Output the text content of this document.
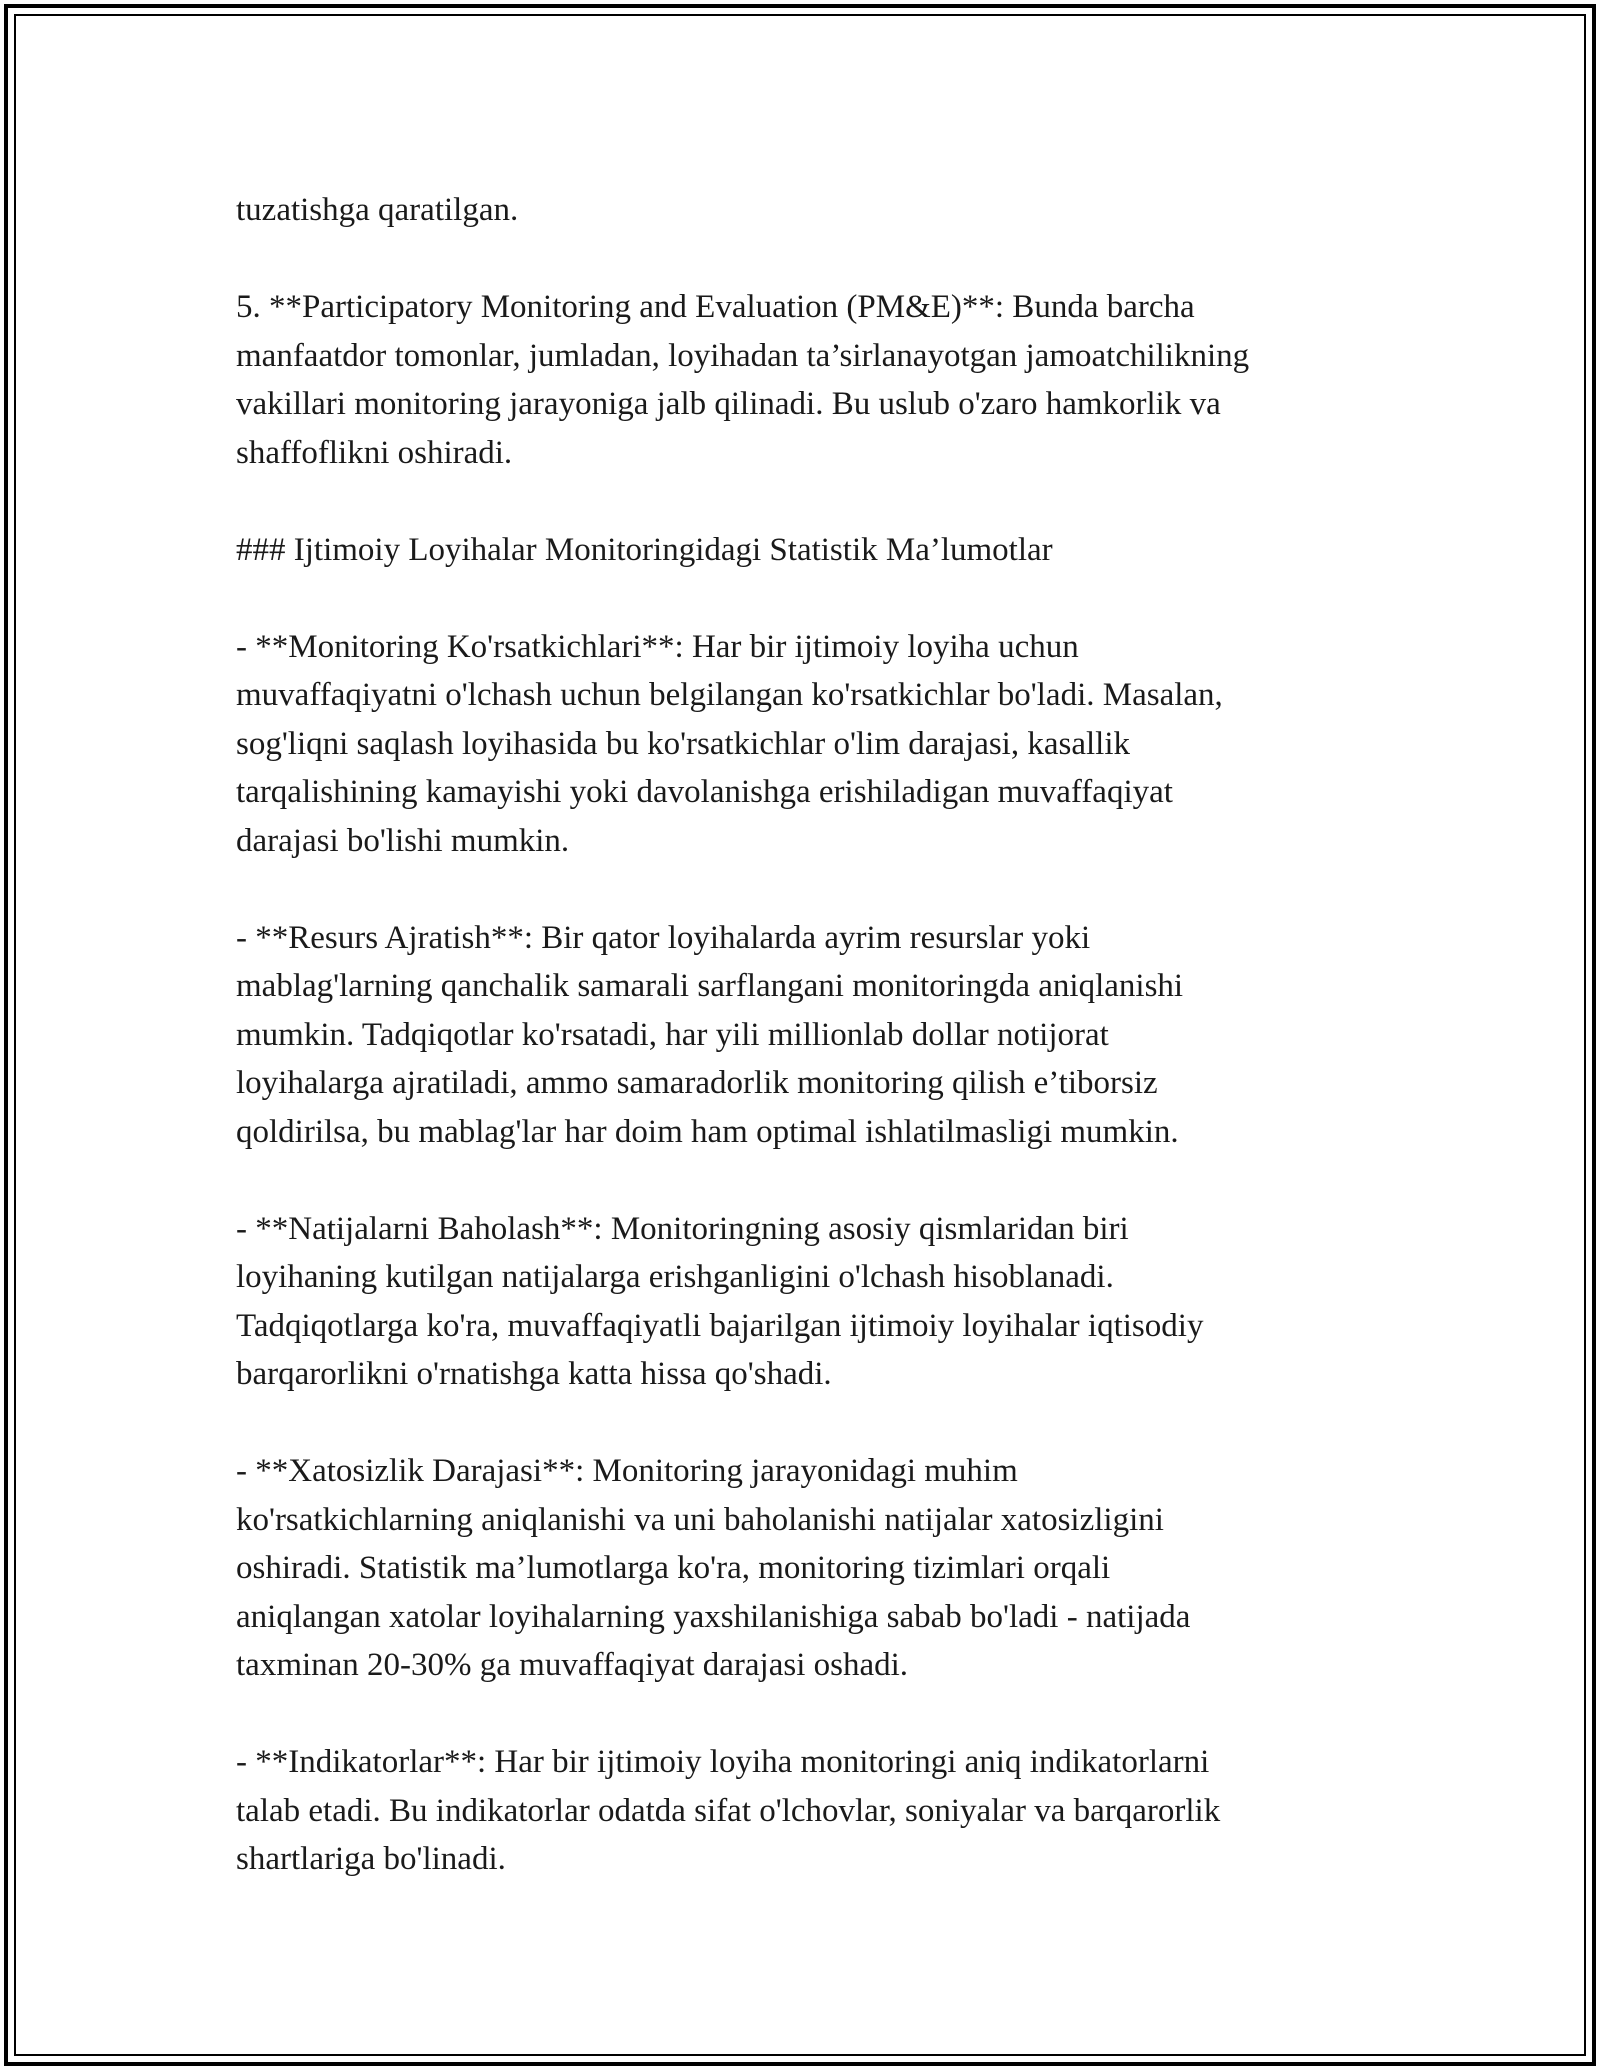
tuzatishga qaratilgan.

5. **Participatory Monitoring and Evaluation (PM&E)**: Bunda barcha
manfaatdor tomonlar, jumladan, loyihadan ta’sirlanayotgan jamoatchilikning
vakillari monitoring jarayoniga jalb qilinadi. Bu uslub o'zaro hamkorlik va
shaffoflikni oshiradi.

### Ijtimoiy Loyihalar Monitoringidagi Statistik Ma’lumotlar

- **Monitoring Ko'rsatkichlari**: Har bir ijtimoiy loyiha uchun
muvaffaqiyatni o'lchash uchun belgilangan ko'rsatkichlar bo'ladi. Masalan,
sog'liqni saqlash loyihasida bu ko'rsatkichlar o'lim darajasi, kasallik
tarqalishining kamayishi yoki davolanishga erishiladigan muvaffaqiyat
darajasi bo'lishi mumkin.

- **Resurs Ajratish**: Bir qator loyihalarda ayrim resurslar yoki
mablag'larning qanchalik samarali sarflangani monitoringda aniqlanishi
mumkin. Tadqiqotlar ko'rsatadi, har yili millionlab dollar notijorat
loyihalarga ajratiladi, ammo samaradorlik monitoring qilish e’tiborsiz
qoldirilsa, bu mablag'lar har doim ham optimal ishlatilmasligi mumkin.

- **Natijalarni Baholash**: Monitoringning asosiy qismlaridan biri
loyihaning kutilgan natijalarga erishganligini o'lchash hisoblanadi.
Tadqiqotlarga ko'ra, muvaffaqiyatli bajarilgan ijtimoiy loyihalar iqtisodiy
barqarorlikni o'rnatishga katta hissa qo'shadi.

- **Xatosizlik Darajasi**: Monitoring jarayonidagi muhim
ko'rsatkichlarning aniqlanishi va uni baholanishi natijalar xatosizligini
oshiradi. Statistik ma’lumotlarga ko'ra, monitoring tizimlari orqali
aniqlangan xatolar loyihalarning yaxshilanishiga sabab bo'ladi - natijada
taxminan 20-30% ga muvaffaqiyat darajasi oshadi.

- **Indikatorlar**: Har bir ijtimoiy loyiha monitoringi aniq indikatorlarni
talab etadi. Bu indikatorlar odatda sifat o'lchovlar, soniyalar va barqarorlik
shartlariga bo'linadi.
